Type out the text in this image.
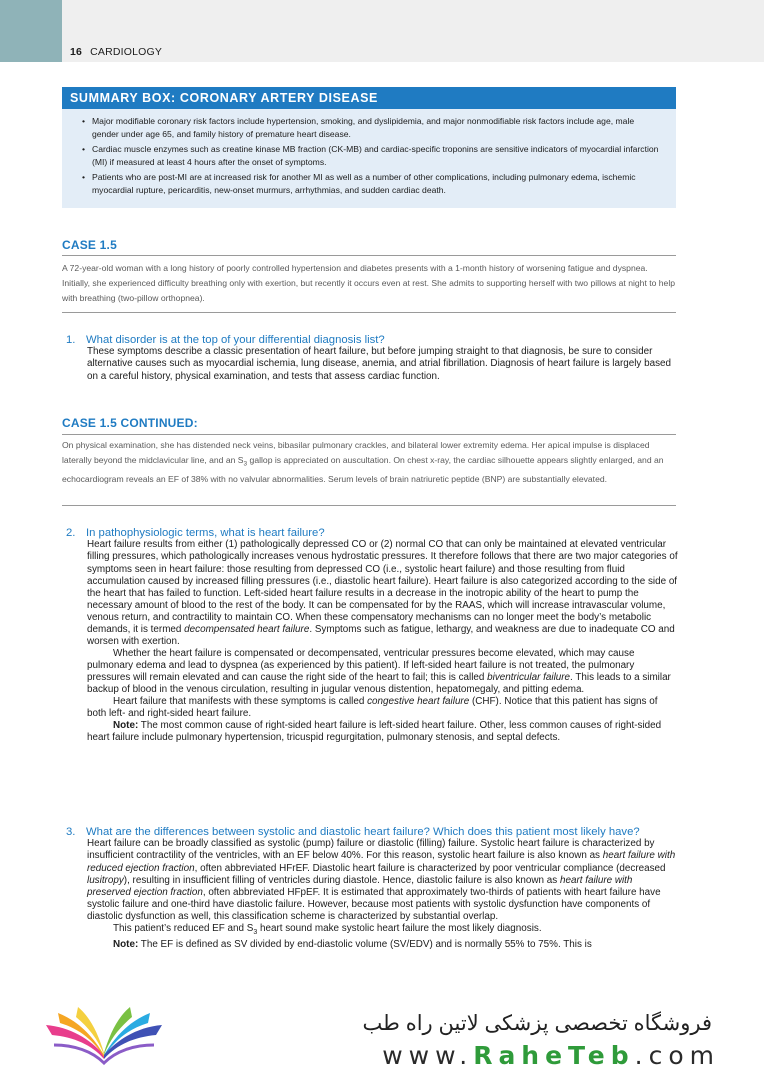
16 CARDIOLOGY
SUMMARY BOX: CORONARY ARTERY DISEASE
• Major modifiable coronary risk factors include hypertension, smoking, and dyslipidemia, and major nonmodifiable risk factors include age, male gender under age 65, and family history of premature heart disease.
• Cardiac muscle enzymes such as creatine kinase MB fraction (CK-MB) and cardiac-specific troponins are sensitive indicators of myocardial infarction (MI) if measured at least 4 hours after the onset of symptoms.
• Patients who are post-MI are at increased risk for another MI as well as a number of other complications, including pulmonary edema, ischemic myocardial rupture, pericarditis, new-onset murmurs, arrhythmias, and sudden cardiac death.
CASE 1.5
A 72-year-old woman with a long history of poorly controlled hypertension and diabetes presents with a 1-month history of worsening fatigue and dyspnea. Initially, she experienced difficulty breathing only with exertion, but recently it occurs even at rest. She admits to supporting herself with two pillows at night to help with breathing (two-pillow orthopnea).
1. What disorder is at the top of your differential diagnosis list?

These symptoms describe a classic presentation of heart failure, but before jumping straight to that diagnosis, be sure to consider alternative causes such as myocardial ischemia, lung disease, anemia, and atrial fibrillation. Diagnosis of heart failure is largely based on a careful history, physical examination, and tests that assess cardiac function.

CASE 1.5 CONTINUED:
On physical examination, she has distended neck veins, bibasilar pulmonary crackles, and bilateral lower extremity edema. Her apical impulse is displaced laterally beyond the midclavicular line, and an $S_3$ gallop is appreciated on auscultation. On chest x-ray, the cardiac silhouette appears slightly enlarged, and an echocardiogram reveals an EF of 38% with no valvular abnormalities. Serum levels of brain natriuretic peptide (BNP) are substantially elevated.
2. In pathophysiologic terms, what is heart failure?

Heart failure results from either (1) pathologically depressed CO or (2) normal CO that can only be maintained at elevated ventricular filling pressures, which pathologically increases venous hydrostatic pressures. It therefore follows that there are two major categories of symptoms seen in heart failure: those resulting from depressed CO (i.e., systolic heart failure) and those resulting from fluid accumulation caused by increased filling pressures (i.e., diastolic heart failure). Heart failure is also categorized according to the side of the heart that has failed to function. Left-sided heart failure results in a decrease in the inotropic ability of the heart to pump the necessary amount of blood to the rest of the body. It can be compensated for by the RAAS, which will increase intravascular volume, venous return, and contractility to maintain CO. When these compensatory mechanisms can no longer meet the body’s metabolic demands, it is termed decompensated heart failure. Symptoms such as fatigue, lethargy, and weakness are due to inadequate CO and worsen with exertion.

Whether the heart failure is compensated or decompensated, ventricular pressures become elevated, which may cause pulmonary edema and lead to dyspnea (as experienced by this patient). If left-sided heart failure is not treated, the pulmonary pressures will remain elevated and can cause the right side of the heart to fail; this is called biventricular failure. This leads to a similar backup of blood in the venous circulation, resulting in jugular venous distention, hepatomegaly, and pitting edema.

Heart failure that manifests with these symptoms is called congestive heart failure (CHF). Notice that this patient has signs of both left- and right-sided heart failure.

Note: The most common cause of right-sided heart failure is left-sided heart failure. Other, less common causes of right-sided heart failure include pulmonary hypertension, tricuspid regurgitation, pulmonary stenosis, and septal defects.

3. What are the differences between systolic and diastolic heart failure? Which does this patient most likely have?

Heart failure can be broadly classified as systolic (pump) failure or diastolic (filling) failure. Systolic heart failure is characterized by insufficient contractility of the ventricles, with an EF below 40%. For this reason, systolic heart failure is also known as heart failure with reduced ejection fraction, often abbreviated HFrEF. Diastolic heart failure is characterized by poor ventricular compliance (decreased lusitropy), resulting in insufficient filling of ventricles during diastole. Hence, diastolic failure is also known as heart failure with preserved ejection fraction, often abbreviated HFpEF. It is estimated that approximately two-thirds of patients with heart failure have systolic failure and one-third have diastolic failure. However, because most patients with systolic dysfunction have components of diastolic dysfunction as well, this classification scheme is characterized by substantial overlap.

This patient’s reduced EF and $S_3$ heart sound make systolic heart failure the most likely diagnosis.

Note: The EF is defined as SV divided by end-diastolic volume (SV/EDV) and is normally 55% to 75%. This is

فروشگاه تخصصی پزشکی لاتین راه طب
www.RaheTeb.com
